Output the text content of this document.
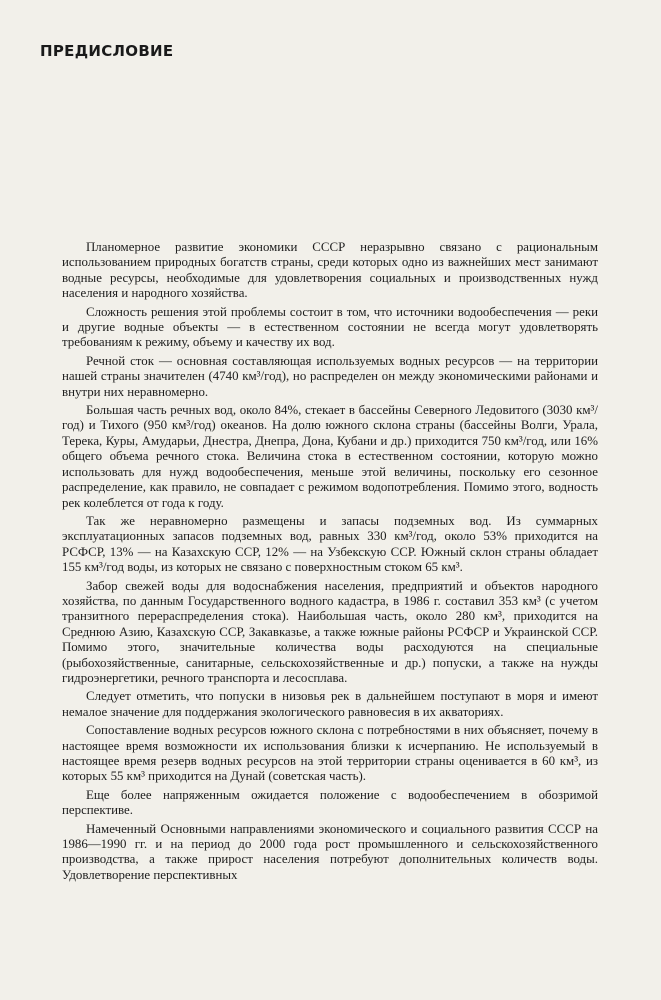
ПРЕДИСЛОВИЕ

Планомерное развитие экономики СССР неразрывно связано с рациональным использованием природных богатств страны, среди которых одно из важнейших мест занимают водные ресурсы, необходимые для удовлетворения социальных и производственных нужд населения и народного хозяйства.

Сложность решения этой проблемы состоит в том, что источники водообеспечения — реки и другие водные объекты — в естественном состоянии не всегда могут удовлетворять требованиям к режиму, объему и качеству их вод.

Речной сток — основная составляющая используемых водных ресурсов — на территории нашей страны значителен (4740 км³/год), но распределен он между экономическими районами и внутри них неравномерно.

Большая часть речных вод, около 84%, стекает в бассейны Северного Ледовитого (3030 км³/год) и Тихого (950 км³/год) океанов. На долю южного склона страны (бассейны Волги, Урала, Терека, Куры, Амударьи, Днестра, Днепра, Дона, Кубани и др.) приходится 750 км³/год, или 16% общего объема речного стока. Величина стока в естественном состоянии, которую можно использовать для нужд водообеспечения, меньше этой величины, поскольку его сезонное распределение, как правило, не совпадает с режимом водопотребления. Помимо этого, водность рек колеблется от года к году.

Так же неравномерно размещены и запасы подземных вод. Из суммарных эксплуатационных запасов подземных вод, равных 330 км³/год, около 53% приходится на РСФСР, 13% — на Казахскую ССР, 12% — на Узбекскую ССР. Южный склон страны обладает 155 км³/год воды, из которых не связано с поверхностным стоком 65 км³.

Забор свежей воды для водоснабжения населения, предприятий и объектов народного хозяйства, по данным Государственного водного кадастра, в 1986 г. составил 353 км³ (с учетом транзитного перераспределения стока). Наибольшая часть, около 280 км³, приходится на Среднюю Азию, Казахскую ССР, Закавказье, а также южные районы РСФСР и Украинской ССР. Помимо этого, значительные количества воды расходуются на специальные (рыбохозяйственные, санитарные, сельскохозяйственные и др.) попуски, а также на нужды гидроэнергетики, речного транспорта и лесосплава.

Следует отметить, что попуски в низовья рек в дальнейшем поступают в моря и имеют немалое значение для поддержания экологического равновесия в их акваториях.

Сопоставление водных ресурсов южного склона с потребностями в них объясняет, почему в настоящее время возможности их использования близки к исчерпанию. Не используемый в настоящее время резерв водных ресурсов на этой территории страны оценивается в 60 км³, из которых 55 км³ приходится на Дунай (советская часть).

Еще более напряженным ожидается положение с водообеспечением в обозримой перспективе.

Намеченный Основными направлениями экономического и социального развития СССР на 1986—1990 гг. и на период до 2000 года рост промышленного и сельскохозяйственного производства, а также прирост населения потребуют дополнительных количеств воды. Удовлетворение перспективных
